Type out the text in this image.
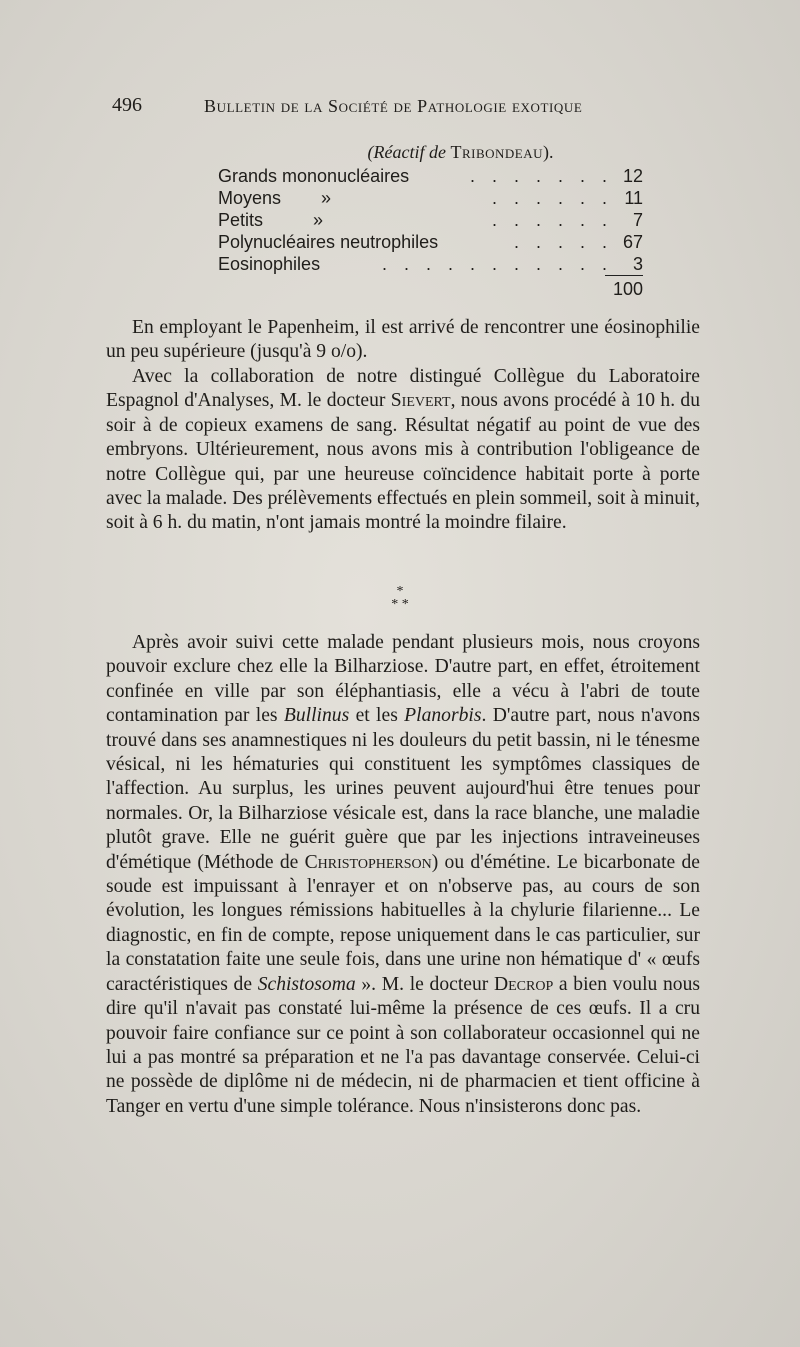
496	Bulletin de la Société de Pathologie exotique
(Réactif de Tribondeau).
Grands mononucléaires	. . . . . . . 12
Moyens        »	. . . . . . 11
Petits          »	. . . . . .	7
Polynucléaires neutrophiles	. . . . . 67
Eosinophiles	. . . . . . . . . . .	3
100

En employant le Papenheim, il est arrivé de rencontrer une éosinophilie un peu supérieure (jusqu'à 9 o/o).

Avec la collaboration de notre distingué Collègue du Laboratoire Espagnol d'Analyses, M. le docteur Sievert, nous avons procédé à 10 h. du soir à de copieux examens de sang. Résultat négatif au point de vue des embryons. Ultérieurement, nous avons mis à contribution l'obligeance de notre Collègue qui, par une heureuse coïncidence habitait porte à porte avec la malade. Des prélèvements effectués en plein sommeil, soit à minuit, soit à 6 h. du matin, n'ont jamais montré la moindre filaire.

*
* *

Après avoir suivi cette malade pendant plusieurs mois, nous croyons pouvoir exclure chez elle la Bilharziose. D'autre part, en effet, étroitement confinée en ville par son éléphantiasis, elle a vécu à l'abri de toute contamination par les Bullinus et les Planorbis. D'autre part, nous n'avons trouvé dans ses anamnestiques ni les douleurs du petit bassin, ni le ténesme vésical, ni les hématuries qui constituent les symptômes classiques de l'affection. Au surplus, les urines peuvent aujourd'hui être tenues pour normales. Or, la Bilharziose vésicale est, dans la race blanche, une maladie plutôt grave. Elle ne guérit guère que par les injections intraveineuses d'émétique (Méthode de Christopherson) ou d'émétine. Le bicarbonate de soude est impuissant à l'enrayer et on n'observe pas, au cours de son évolution, les longues rémissions habituelles à la chylurie filarienne... Le diagnostic, en fin de compte, repose uniquement dans le cas particulier, sur la constatation faite une seule fois, dans une urine non hématique d' « œufs caractéristiques de Schistosoma ». M. le docteur Decrop a bien voulu nous dire qu'il n'avait pas constaté lui-même la présence de ces œufs. Il a cru pouvoir faire confiance sur ce point à son collaborateur occasionnel qui ne lui a pas montré sa préparation et ne l'a pas davantage conservée. Celui-ci ne possède de diplôme ni de médecin, ni de pharmacien et tient officine à Tanger en vertu d'une simple tolérance. Nous n'insisterons donc pas.
